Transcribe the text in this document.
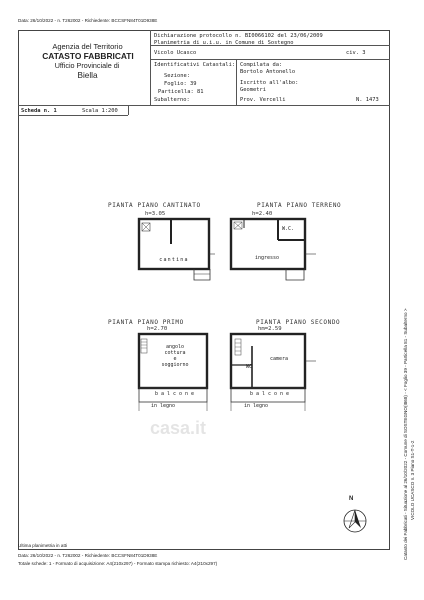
Data: 26/10/2022 - n. T262002 - Richiedente: BCCSFN84T01D938E
Agenzia del Territorio
CATASTO FABBRICATI
Ufficio Provinciale di
Biella
Dichiarazione protocollo n. BI0066102 del 23/06/2009
Planimetria di u.i.u. in Comune di Sostegno
Vicolo Ucasco	civ. 3
Identificativi Catastali:
Sezione:
Foglio: 39
Particella: 81
Subalterno:
Compilata da:
Bortolo Antonello
Iscritto all'albo:
Geometri
Prov. Vercelli	N. 1473
Scheda n. 1	Scala 1:200
PIANTA PIANO CANTINATO
h=3.05
cantina
PIANTA PIANO TERRENO
h=2.40
W.C.
ingresso
PIANTA PIANO PRIMO
h=2.70
angolo
cottura
e
soggiorno
balcone
in legno
PIANTA PIANO SECONDO
hm=2.59
WC
camera
balcone
in legno
casa.it
N	Catasto dei Fabbricati - Situazione al 26/10/2022 - Comune di SOSTEGNO(I868) - < Foglio 39 - Particella 81 - Subalterno > VICOLO UCASCO n. 3 Piano S1-T-1-2
Ultima planimetria in atti
Data: 26/10/2022 - n. T262002 - Richiedente: BCCSFN84T01D938E
Totale schede: 1 - Formato di acquisizione: A4(210x297) - Formato stampa richiesto: A4(210x297)
